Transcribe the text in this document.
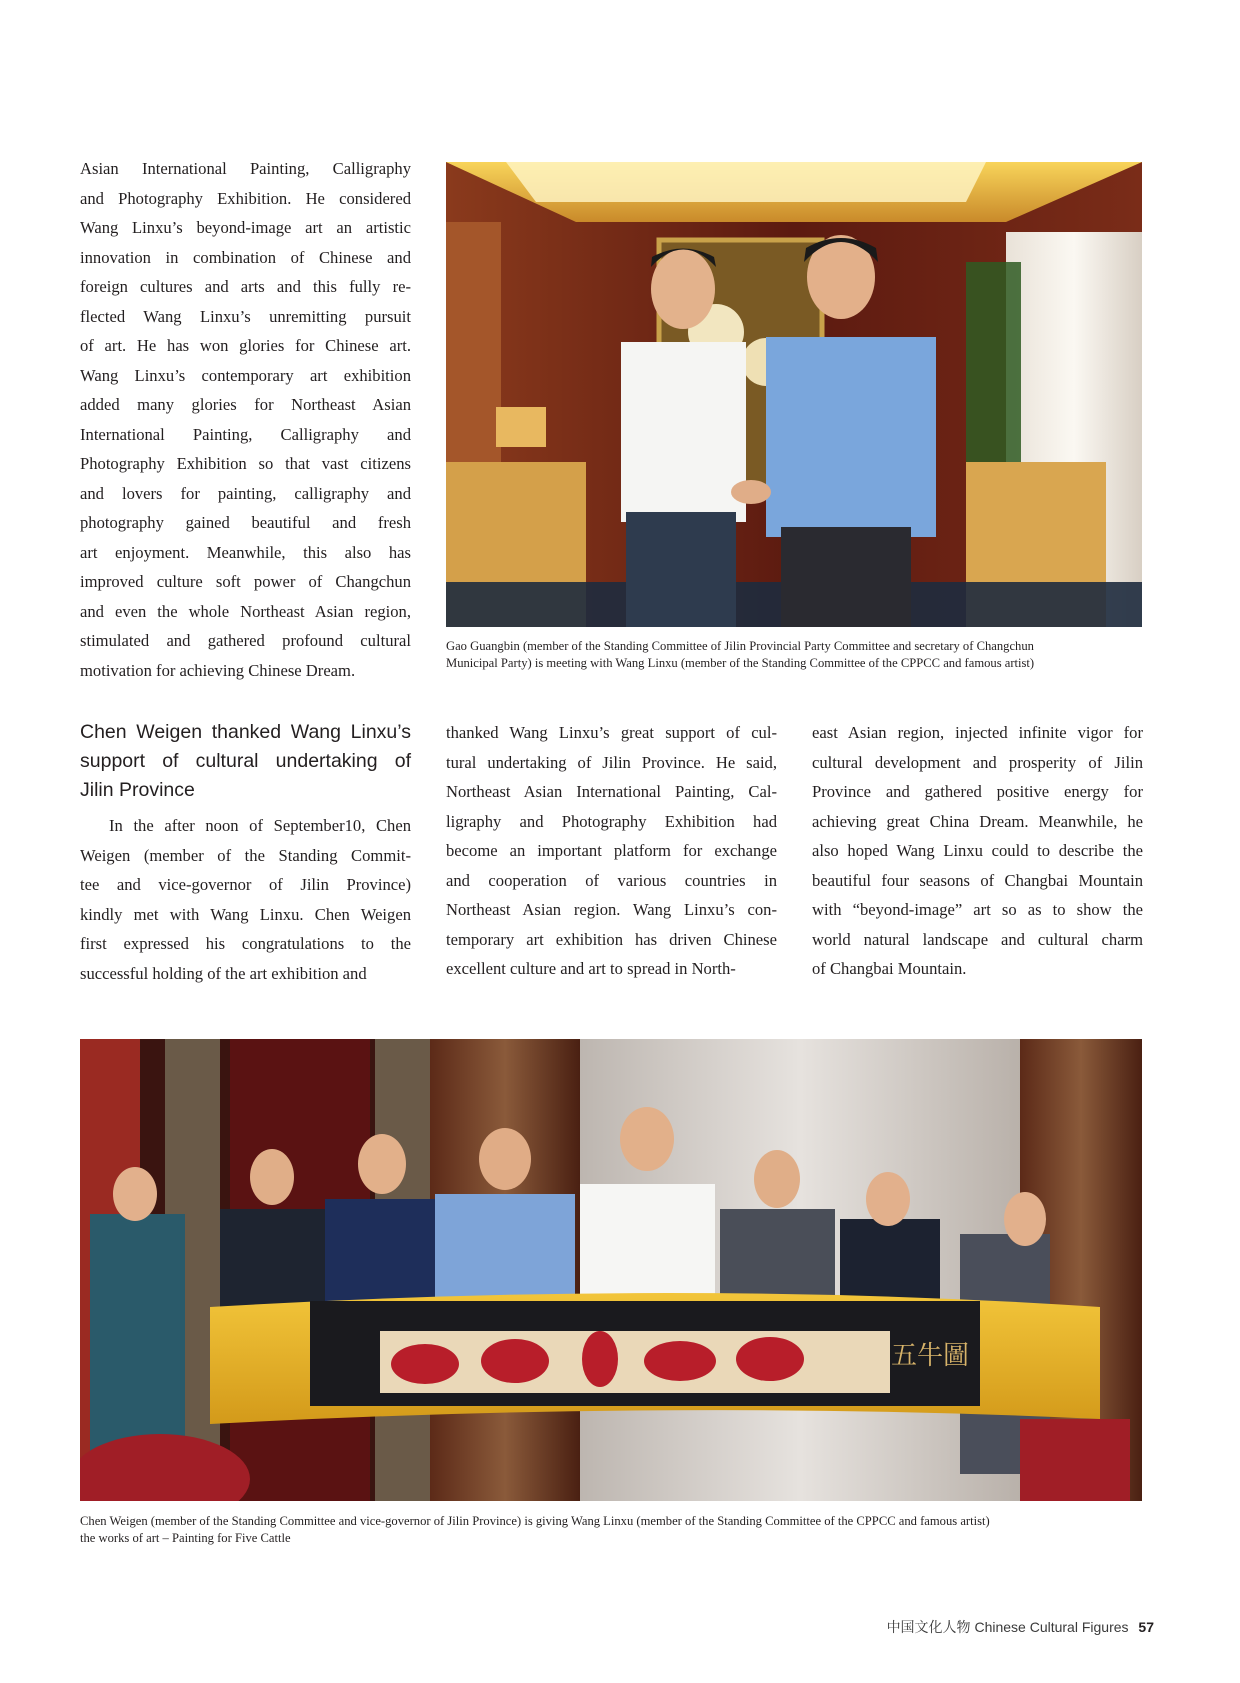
Asian International Painting, Calligraphy
and Photography Exhibition. He considered
Wang Linxu’s beyond-image art an artistic
innovation in combination of Chinese and
foreign cultures and arts and this fully re-
flected Wang Linxu’s unremitting pursuit
of art. He has won glories for Chinese art.
Wang Linxu’s contemporary art exhibition
added many glories for Northeast Asian
International Painting, Calligraphy and
Photography Exhibition so that vast citizens
and lovers for painting, calligraphy and
photography gained beautiful and fresh
art enjoyment. Meanwhile, this also has
improved culture soft power of Changchun
and even the whole Northeast Asian region,
stimulated and gathered profound cultural
motivation for achieving Chinese Dream.
Gao Guangbin (member of the Standing Committee of Jilin Provincial Party Committee and secretary of Changchun
Municipal Party) is meeting with Wang Linxu (member of the Standing Committee of the CPPCC and famous artist)
Chen Weigen thanked Wang Linxu’s
support of cultural undertaking of
Jilin Province
In the after noon of September10, Chen
Weigen (member of the Standing Commit-
tee and vice-governor of Jilin Province)
kindly met with Wang Linxu. Chen Weigen
first expressed his congratulations to the
successful holding of the art exhibition and
thanked Wang Linxu’s great support of cul-
tural undertaking of Jilin Province. He said,
Northeast Asian International Painting, Cal-
ligraphy and Photography Exhibition had
become an important platform for exchange
and cooperation of various countries in
Northeast Asian region. Wang Linxu’s con-
temporary art exhibition has driven Chinese
excellent culture and art to spread in North-
east Asian region, injected infinite vigor for
cultural development and prosperity of Jilin
Province and gathered positive energy for
achieving great China Dream. Meanwhile, he
also hoped Wang Linxu could to describe the
beautiful four seasons of Changbai Mountain
with “beyond-image” art so as to show the
world natural landscape and cultural charm
of Changbai Mountain.
五牛圖
Chen Weigen (member of the Standing Committee and vice-governor of Jilin Province) is giving Wang Linxu (member of the Standing Committee of the CPPCC and famous artist)
the works of art – Painting for Five Cattle
中国文化人物 Chinese Cultural Figures 57
